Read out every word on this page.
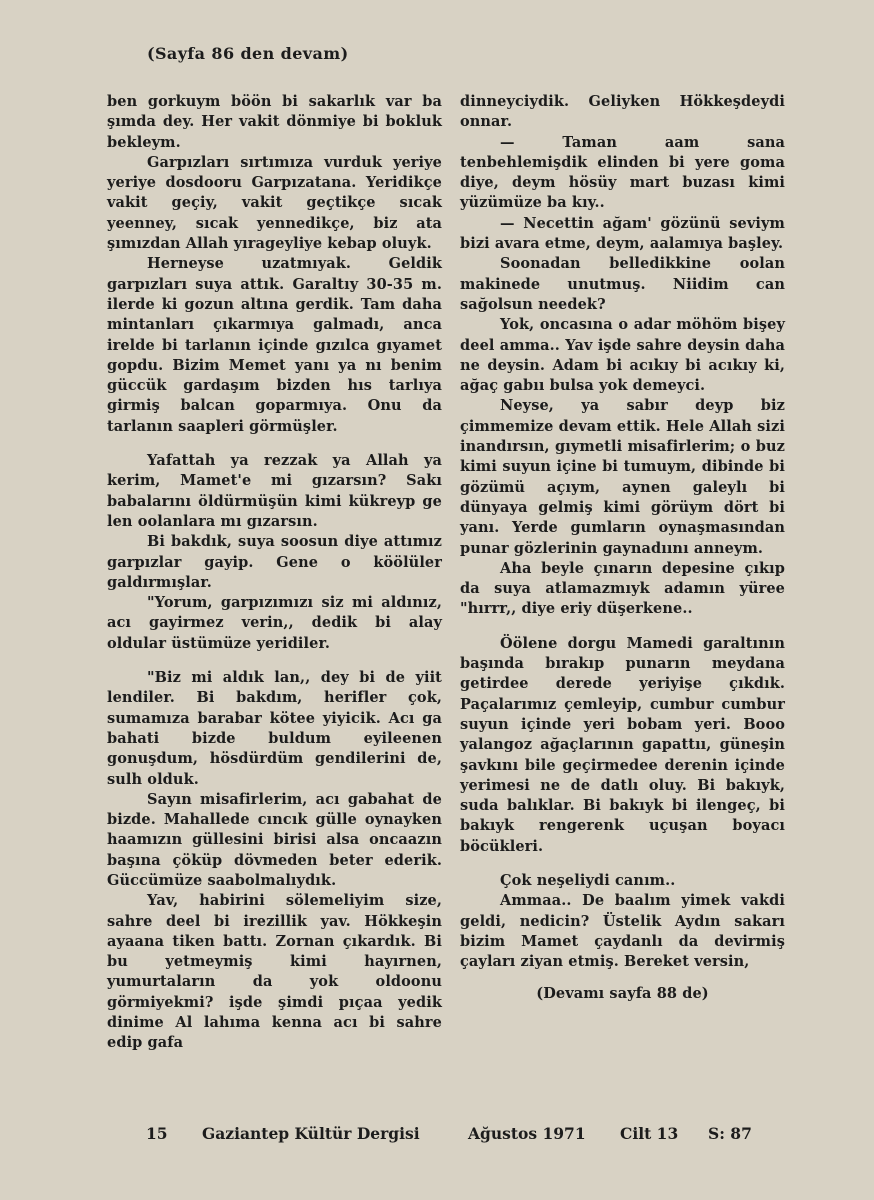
(Sayfa 86 den devam)

ben gorkuym böön bi sakarlık var ba şımda dey. Her vakit dönmiye bi bokluk bekleym.

Garpızları sırtımıza vurduk yeriye yeriye dosdooru Garpızatana. Yeridikçe vakit geçiy, vakit geçtikçe sıcak yeenney, sıcak yennedikçe, biz ata şımızdan Allah yırageyliye kebap oluyk.

Herneyse uzatmıyak. Geldik garpızları suya attık. Garaltıy 30-35 m. ilerde ki gozun altına gerdik. Tam daha mintanları çıkarmıya galmadı, anca irelde bi tarlanın içinde gızılca gıyamet gopdu. Bizim Memet yanı ya nı benim güccük gardaşım bizden hıs tarlıya girmiş balcan goparmıya. Onu da tarlanın saapleri görmüşler.

Yafattah ya rezzak ya Allah ya kerim, Mamet'e mi gızarsın? Sakı babalarını öldürmüşün kimi kükreyp ge len oolanlara mı gızarsın.

Bi bakdık, suya soosun diye attımız garpızlar gayip. Gene o köölüler galdırmışlar.

"Yorum, garpızımızı siz mi aldınız, acı gayirmez verin,, dedik bi alay oldular üstümüze yeridiler.

"Biz mi aldık lan,, dey bi de yiit lendiler. Bi bakdım, herifler çok, sumamıza barabar kötee yiyicik. Acı ga bahati bizde buldum eyileenen gonuşdum, hösdürdüm gendilerini de, sulh olduk.

Sayın misafirlerim, acı gabahat de bizde. Mahallede cıncık gülle oynayken haamızın güllesini birisi alsa oncaazın başına çöküp dövmeden beter ederik. Güccümüze saabolmalıydık.

Yav, habirini sölemeliyim size, sahre deel bi irezillik yav. Hökkeşin ayaana tiken battı. Zornan çıkardık. Bi bu yetmeymiş kimi hayırnen, yumurtaların da yok oldoonu görmiyekmi? işde şimdi pıçaa yedik dinime Al lahıma kenna acı bi sahre edip gafa

dinneyciydik. Geliyken Hökkeşdeydi onnar.

— Taman aam sana tenbehlemişdik elinden bi yere goma diye, deym hösüy mart buzası kimi yüzümüze ba kıy..

— Necettin ağam' gözünü seviym bizi avara etme, deym, aalamıya başley.

Soonadan belledikkine oolan makinede unutmuş. Niidim can sağolsun needek?

Yok, oncasına o adar möhöm bişey deel amma.. Yav işde sahre deysin daha ne deysin. Adam bi acıkıy bi acıkıy ki, ağaç gabıı bulsa yok demeyci.

Neyse, ya sabır deyp biz çimmemize devam ettik. Hele Allah sizi inandırsın, gıymetli misafirlerim; o buz kimi suyun içine bi tumuym, dibinde bi gözümü açıym, aynen galeylı bi dünyaya gelmiş kimi görüym dört bi yanı. Yerde gumların oynaşmasından punar gözlerinin gaynadıını anneym.

Aha beyle çınarın depesine çıkıp da suya atlamazmıyk adamın yüree "hırrr,, diye eriy düşerkene..

Öölene dorgu Mamedi garaltının başında bırakıp punarın meydana getirdee derede yeriyişe çıkdık. Paçalarımız çemleyip, cumbur cumbur suyun içinde yeri bobam yeri. Booo yalangoz ağaçlarının gapattıı, güneşin şavkını bile geçirmedee derenin içinde yerimesi ne de datlı oluy. Bi bakıyk, suda balıklar. Bi bakıyk bi ilengeç, bi bakıyk rengerenk uçuşan boyacı böcükleri.

Çok neşeliydi canım..

Ammaa.. De baalım yimek vakdi geldi, nedicin? Üstelik Aydın sakarı bizim Mamet çaydanlı da devirmiş çayları ziyan etmiş. Bereket versin,

(Devamı sayfa 88 de)

15 Gaziantep Kültür Dergisi	Ağustos 1971 Cilt 13 S: 87
